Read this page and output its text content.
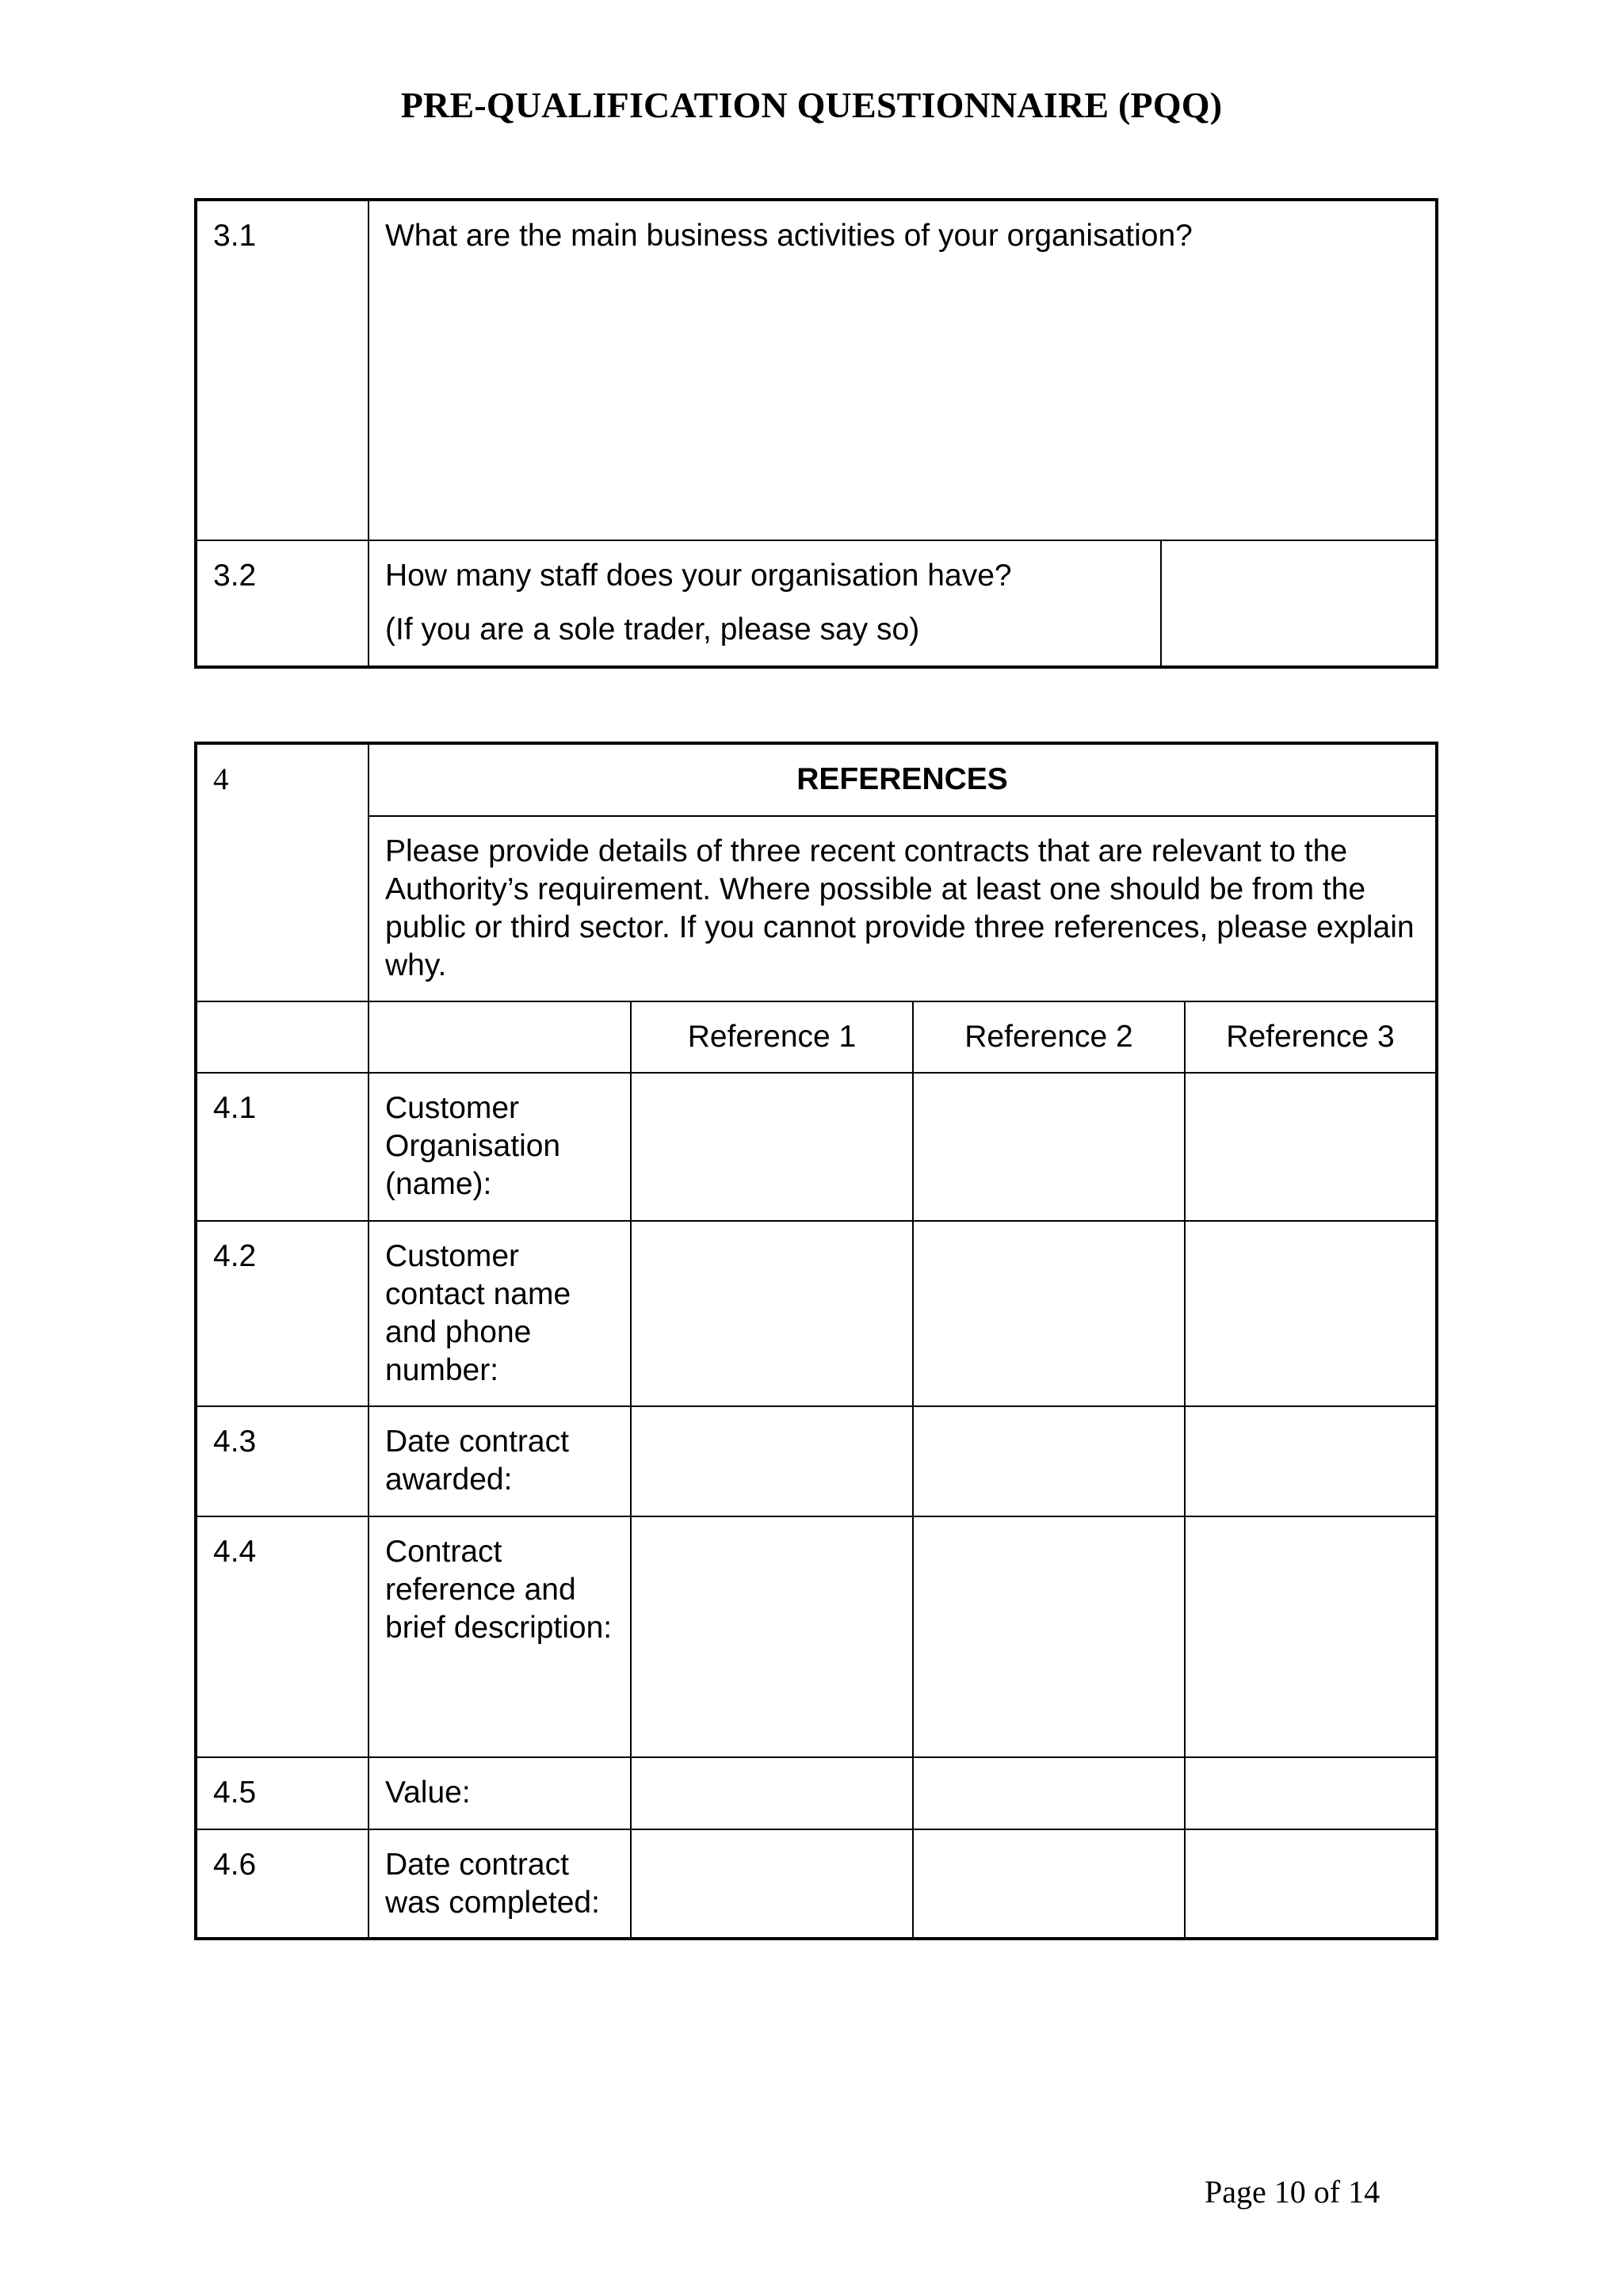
PRE-QUALIFICATION QUESTIONNAIRE (PQQ)
3.1	What are the main business activities of your organisation?	
3.2	How many staff does your organisation have?
(If you are a sole trader, please say so)	

4	REFERENCES			
	Please provide details of three recent contracts that are relevant to the Authority’s requirement. Where possible at least one should be from the public or third sector. If you cannot provide three references, please explain why.			
		Reference 1	Reference 2	Reference 3
4.1	Customer Organisation (name):			
4.2	Customer contact name and phone number:			
4.3	Date contract awarded:			
4.4	Contract reference and brief description:			
4.5	Value:			
4.6	Date contract was completed:			
Page 10 of 14
